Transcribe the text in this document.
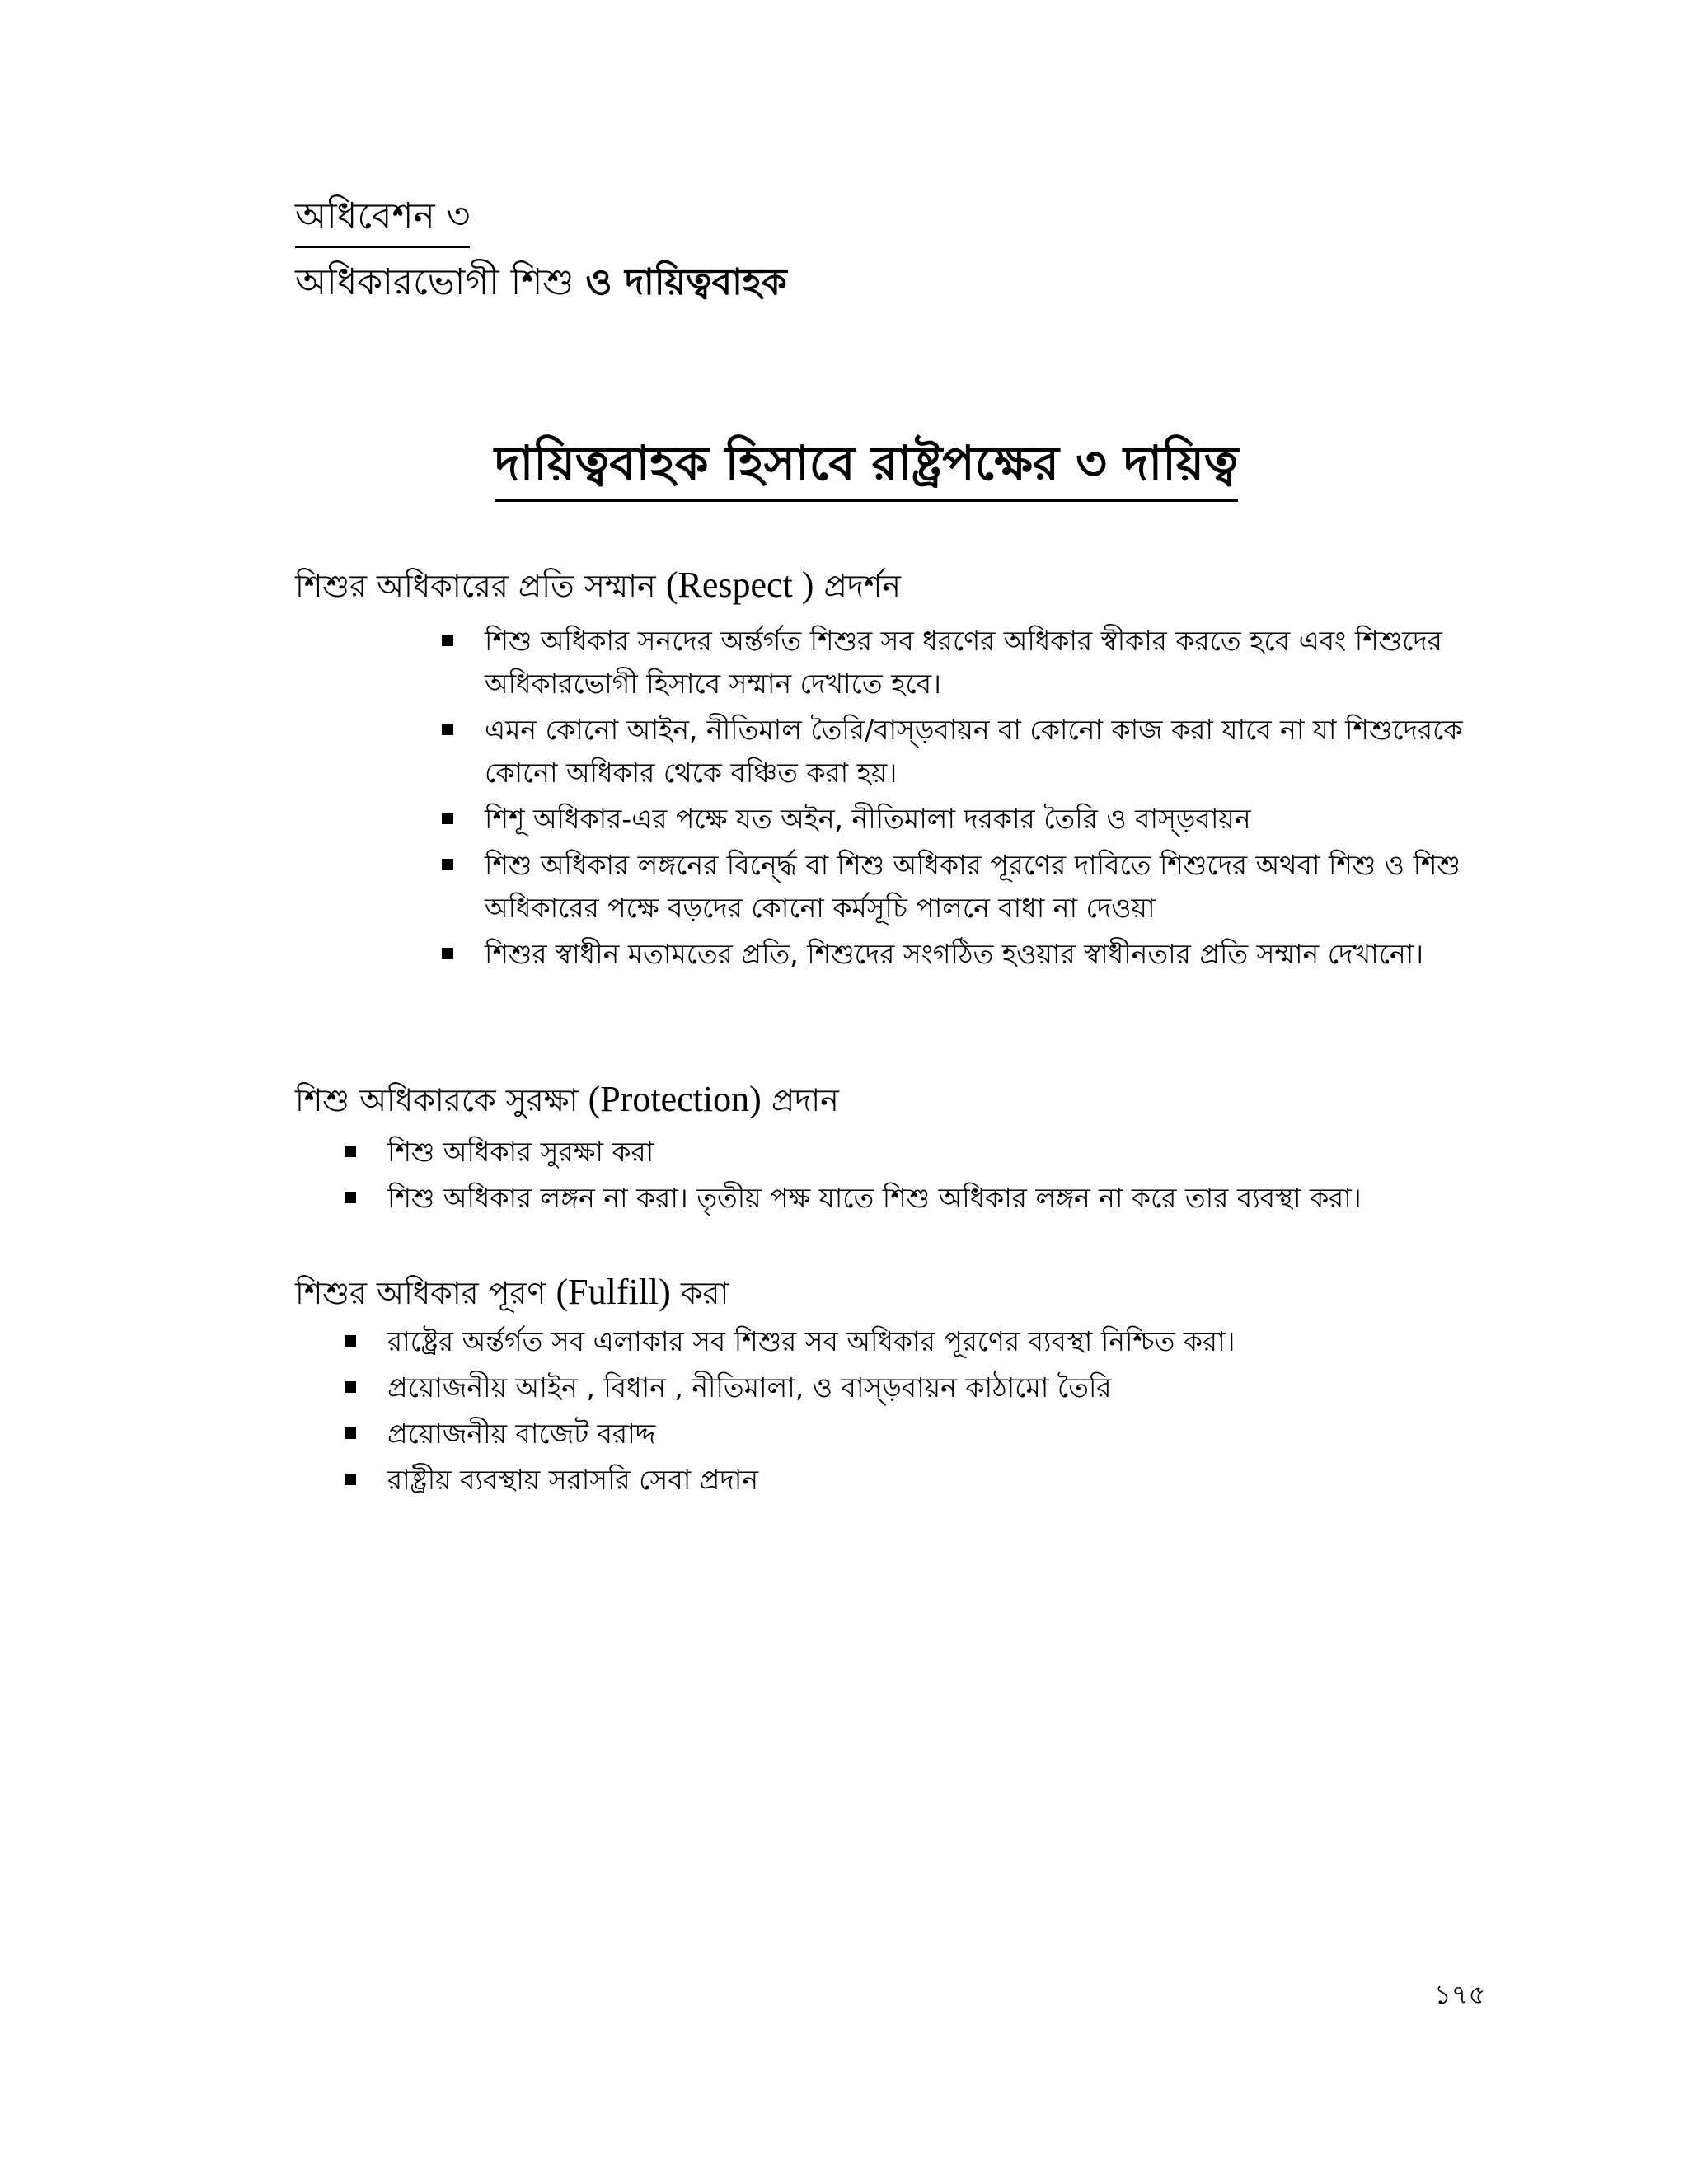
অধিবেশন ৩
অধিকারভোগী শিশু ও দায়িত্ববাহক
দায়িত্ববাহক হিসাবে রাষ্ট্রপক্ষের ৩ দায়িত্ব
শিশুর অধিকারের প্রতি সম্মান (Respect ) প্রদর্শন
শিশু অধিকার সনদের অর্ন্তর্গত শিশুর সব ধরণের অধিকার স্বীকার করতে হবে এবং শিশুদের অধিকারভোগী হিসাবে সম্মান দেখাতে হবে।
এমন কোনো আইন, নীতিমাল তৈরি/বাস্ড়বায়ন বা কোনো কাজ করা যাবে না যা শিশুদেরকে কোনো অধিকার থেকে বঞ্চিত করা হয়।
শিশূ অধিকার-এর পক্ষে যত অইন, নীতিমালা দরকার তৈরি ও বাস্ড়বায়ন
শিশু অধিকার লঙ্গনের বির্ন্দ্ধে বা শিশু অধিকার পূরণের দাবিতে শিশুদের অথবা শিশু ও শিশু অধিকারের পক্ষে বড়দের কোনো কর্মসূচি পালনে বাধা না দেওয়া
শিশুর স্বাধীন মতামতের প্রতি, শিশুদের সংগঠিত হওয়ার স্বাধীনতার প্রতি সম্মান দেখানো।
শিশু অধিকারকে সুরক্ষা (Protection) প্রদান
শিশু অধিকার সুরক্ষা করা
শিশু অধিকার লঙ্গন না করা। তৃতীয় পক্ষ যাতে শিশু অধিকার লঙ্গন না করে তার ব্যবস্থা করা।
শিশুর অধিকার পূরণ (Fulfill) করা
রাষ্ট্রের অর্ন্তর্গত সব এলাকার সব শিশুর সব অধিকার পূরণের ব্যবস্থা নিশ্চিত করা।
প্রয়োজনীয় আইন , বিধান , নীতিমালা, ও বাস্ড়বায়ন কাঠামো তৈরি
প্রয়োজনীয় বাজেট বরাদ্দ
রাষ্ট্রীয় ব্যবস্থায় সরাসরি সেবা প্রদান
১৭৫
